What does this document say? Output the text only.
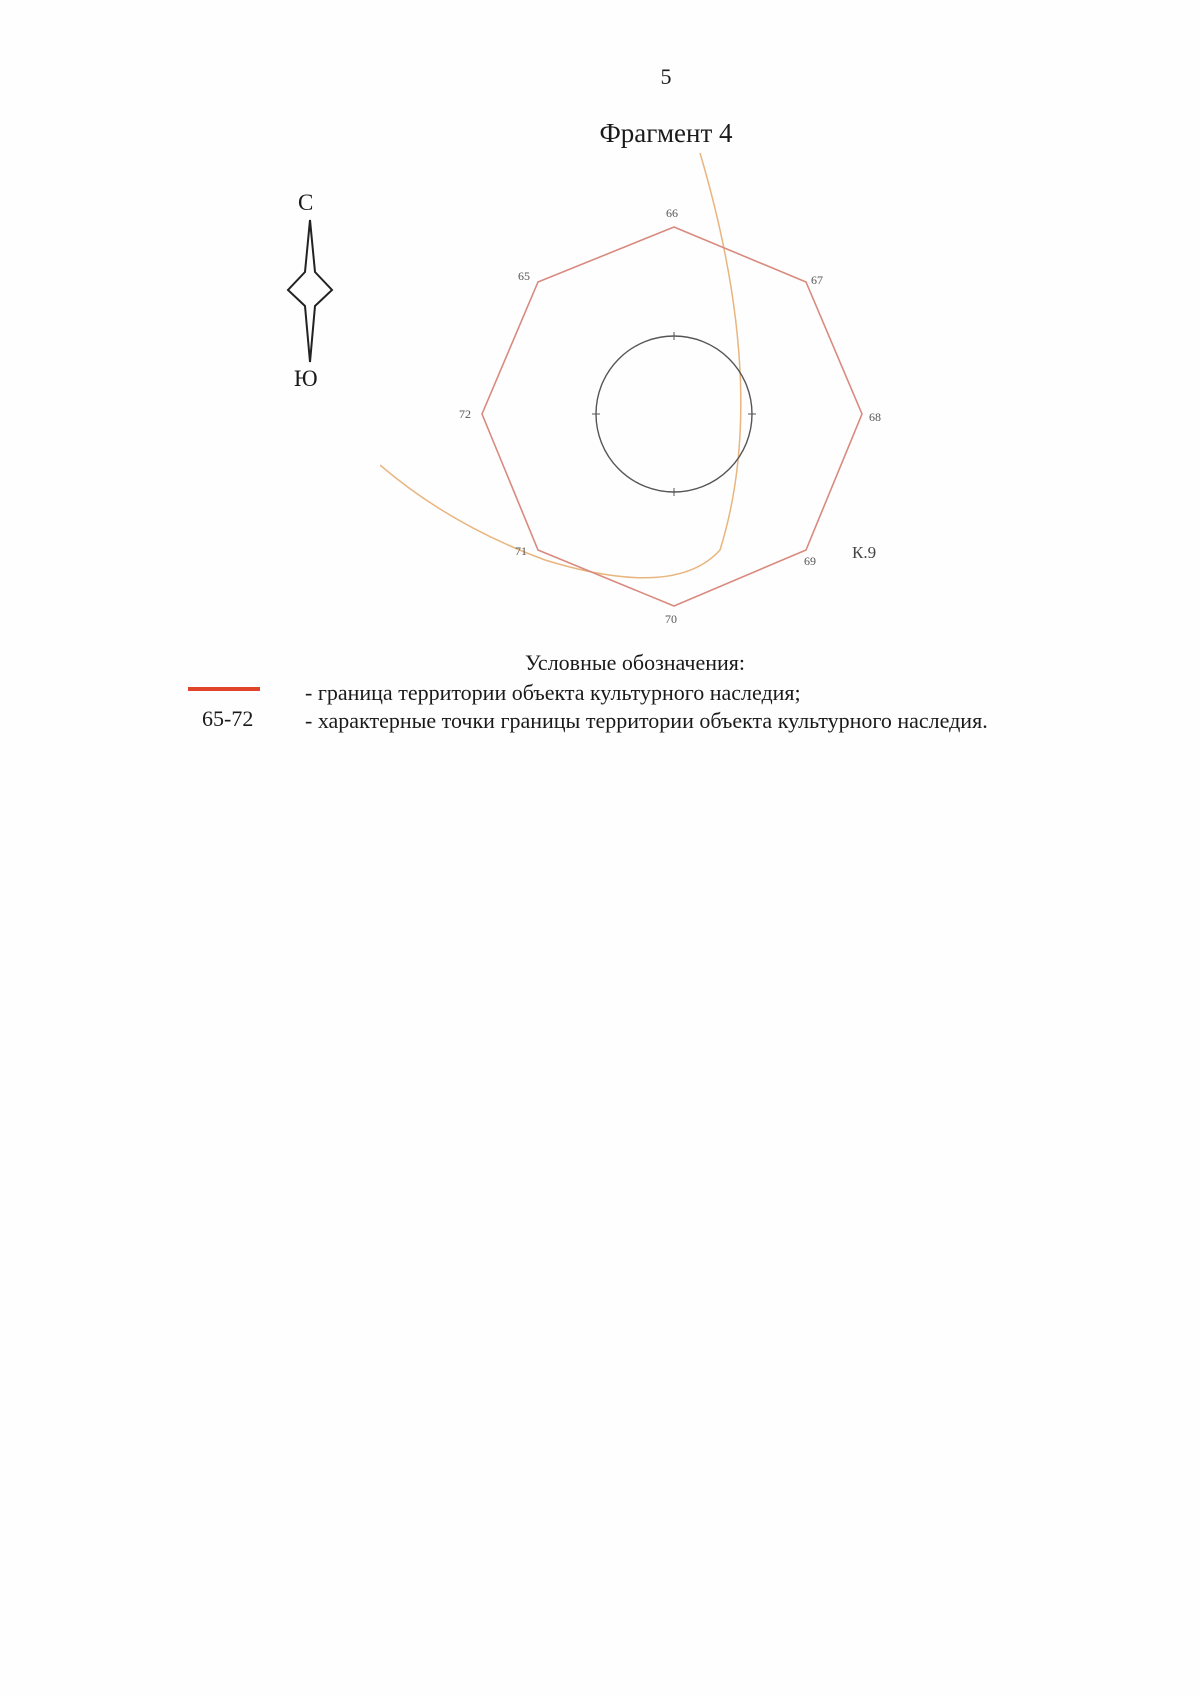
5
Фрагмент 4
С
Ю
65
66
67
68
69
70
71
72
К.9
Условные обозначения:
- граница территории объекта культурного наследия;
65-72 - характерные точки границы территории объекта культурного наследия.
